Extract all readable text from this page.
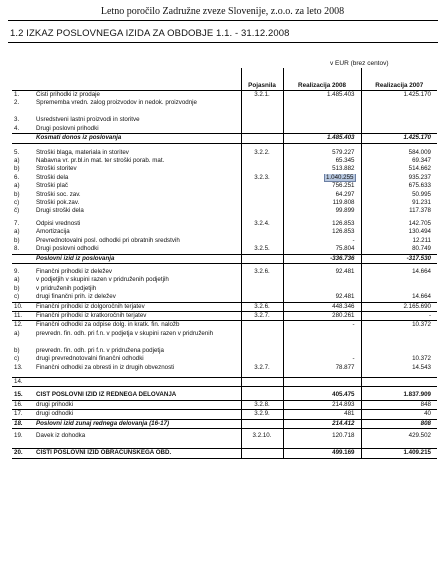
Letno poročilo Zadružne zveze Slovenije, z.o.o. za leto 2008
1.2 IZKAZ POSLOVNEGA IZIDA ZA OBDOBJE 1.1. - 31.12.2008
v EUR (brez centov)
		Pojasnila	Realizacija 2008	Realizacija 2007
1.	Čisti prihodki iz prodaje	3.2.1.	1.485.403	1.425.170
2.	Sprememba vredn. zalog proizvodov in nedok. proizvodnje			
3.	Usredstveni lastni proizvodi in storitve			
4.	Drugi poslovni prihodki			
	Kosmati donos iz poslovanja		1.485.403	1.425.170

5.	Stroški blaga, materiala in storitev	3.2.2.	579.227	584.009
a)	Nabavna vr. pr.bl.in mat. ter stroški porab. mat.		65.345	69.347
b)	Stroški storitev		513.882	514.662
6.	Stroški dela	3.2.3.	1.040.255	935.237
a)	Stroški plač		756.251	675.633
b)	Stroški soc. zav.		64.297	50.995
c)	Stroški pok.zav.		119.808	91.231
č)	Drugi stroški dela		99.899	117.378

7.	Odpisi vrednosti	3.2.4.	126.853	142.705
a)	Amortizacija		126.853	130.494
b)	Prevrednotovalni posl. odhodki pri obratnih sredstvih		-	12.211
8.	Drugi poslovni odhodki	3.2.5.	75.804	80.749
	Poslovni izid iz poslovanja		-336.736	-317.530

9.	Finančni prihodki iz deležev	3.2.6.	92.481	14.664
a)	v podjetjih v skupini razen v pridruženih podjetjih			
b)	v pridruženih podjetjih			
c)	drugi finančni prih. iz deležev		92.481	14.664
10.	Finančni prihodki iz dolgoročnih terjatev	3.2.6.	448.346	2.165.690
11.	Finančni prihodki iz kratkoročnih terjatev	3.2.7.	280.261	-
12.	Finančni odhodki za odpise dolg. in kratk. fin. naložb		-	10.372
a)	prevredn. fin. odh. pri f.n. v podjetja v skupini razen v pridruženih			
b)	prevredn. fin. odh. pri f.n. v pridružena podjetja			
c)	drugi prevrednotovalni finančni odhodki		-	10.372
13.	Finančni odhodki za obresti in iz drugih obveznosti	3.2.7.	78.877	14.543

14.				

15.	ČIST POSLOVNI IZID IZ REDNEGA DELOVANJA		405.475	1.837.909
16.	drugi prihodki	3.2.8.	214.893	848
17.	drugi odhodki	3.2.9.	481	40
18.	Poslovni izid zunaj rednega delovanja (16-17)		214.412	808

19.	Davek iz dohodka	3.2.10.	120.718	429.502

20.	ČISTI POSLOVNI IZID OBRAČUNSKEGA OBD.		499.169	1.409.215
